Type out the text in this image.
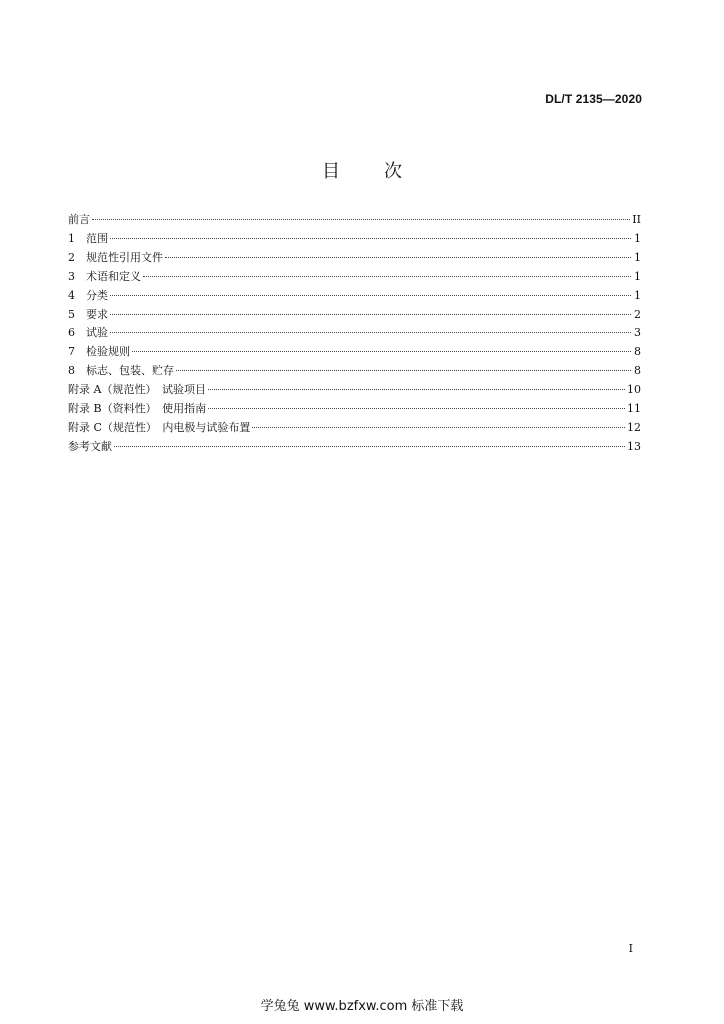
DL/T 2135—2020
目次
前言	II
1　范围	1
2　规范性引用文件	1
3　术语和定义	1
4　分类	1
5　要求	2
6　试验	3
7　检验规则	8
8　标志、包装、贮存	8
附录 A（规范性）　试验项目	10
附录 B（资料性）　使用指南	11
附录 C（规范性）　内电极与试验布置	12
参考文献	13
I
学兔兔 www.bzfxw.com 标准下载
